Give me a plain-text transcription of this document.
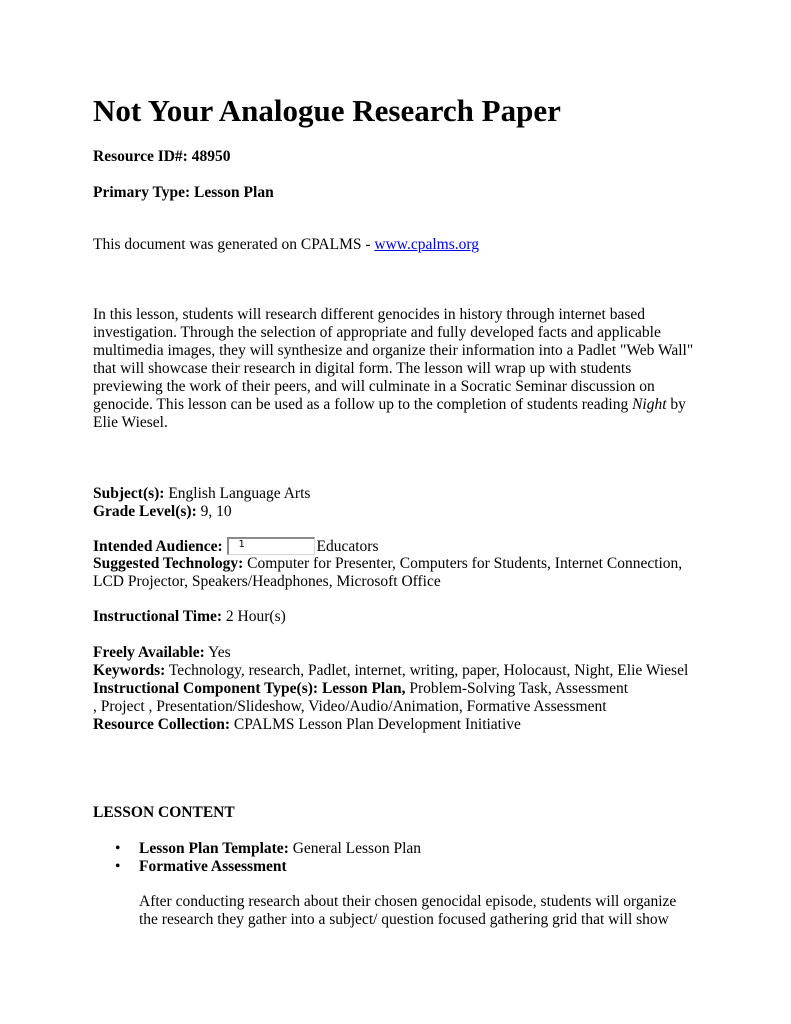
Not Your Analogue Research Paper

Resource ID#: 48950

Primary Type: Lesson Plan

This document was generated on CPALMS - www.cpalms.org

In this lesson, students will research different genocides in history through internet based investigation. Through the selection of appropriate and fully developed facts and applicable multimedia images, they will synthesize and organize their information into a Padlet "Web Wall" that will showcase their research in digital form. The lesson will wrap up with students previewing the work of their peers, and will culminate in a Socratic Seminar discussion on genocide. This lesson can be used as a follow up to the completion of students reading Night by Elie Wiesel.

Subject(s): English Language Arts

Grade Level(s): 9, 10

Intended Audience: 1	Educators

Suggested Technology: Computer for Presenter, Computers for Students, Internet Connection, LCD Projector, Speakers/Headphones, Microsoft Office

Instructional Time: 2 Hour(s)

Freely Available: Yes

Keywords: Technology, research, Padlet, internet, writing, paper, Holocaust, Night, Elie Wiesel

Instructional Component Type(s): Lesson Plan, Problem-Solving Task, Assessment
, Project , Presentation/Slideshow, Video/Audio/Animation, Formative Assessment

Resource Collection: CPALMS Lesson Plan Development Initiative

LESSON CONTENT

• Lesson Plan Template: General Lesson Plan
• Formative Assessment

After conducting research about their chosen genocidal episode, students will organize the research they gather into a subject/ question focused gathering grid that will show
